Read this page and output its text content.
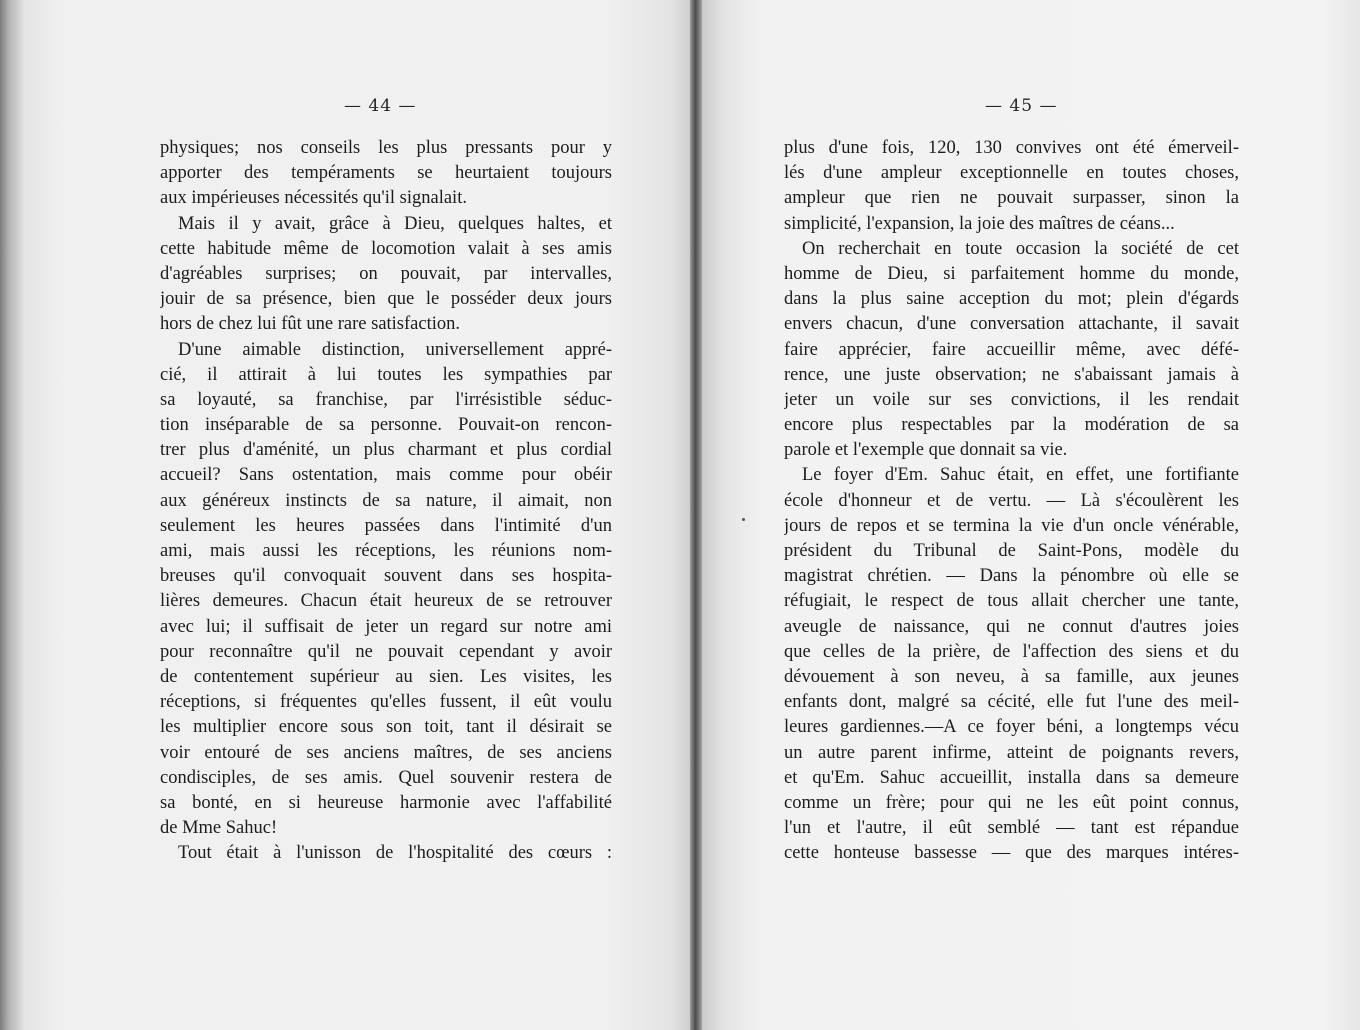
— 44 —
physiques; nos conseils les plus pressants pour y
apporter des tempéraments se heurtaient toujours
aux impérieuses nécessités qu'il signalait.
Mais il y avait, grâce à Dieu, quelques haltes, et
cette habitude même de locomotion valait à ses amis
d'agréables surprises; on pouvait, par intervalles,
jouir de sa présence, bien que le posséder deux jours
hors de chez lui fût une rare satisfaction.
D'une aimable distinction, universellement appré-
cié, il attirait à lui toutes les sympathies par
sa loyauté, sa franchise, par l'irrésistible séduc-
tion inséparable de sa personne. Pouvait-on rencon-
trer plus d'aménité, un plus charmant et plus cordial
accueil? Sans ostentation, mais comme pour obéir
aux généreux instincts de sa nature, il aimait, non
seulement les heures passées dans l'intimité d'un
ami, mais aussi les réceptions, les réunions nom-
breuses qu'il convoquait souvent dans ses hospita-
lières demeures. Chacun était heureux de se retrouver
avec lui; il suffisait de jeter un regard sur notre ami
pour reconnaître qu'il ne pouvait cependant y avoir
de contentement supérieur au sien. Les visites, les
réceptions, si fréquentes qu'elles fussent, il eût voulu
les multiplier encore sous son toit, tant il désirait se
voir entouré de ses anciens maîtres, de ses anciens
condisciples, de ses amis. Quel souvenir restera de
sa bonté, en si heureuse harmonie avec l'affabilité
de Mme Sahuc!
Tout était à l'unisson de l'hospitalité des cœurs :
— 45 —
plus d'une fois, 120, 130 convives ont été émerveil-
lés d'une ampleur exceptionnelle en toutes choses,
ampleur que rien ne pouvait surpasser, sinon la
simplicité, l'expansion, la joie des maîtres de céans...
On recherchait en toute occasion la société de cet
homme de Dieu, si parfaitement homme du monde,
dans la plus saine acception du mot; plein d'égards
envers chacun, d'une conversation attachante, il savait
faire apprécier, faire accueillir même, avec défé-
rence, une juste observation; ne s'abaissant jamais à
jeter un voile sur ses convictions, il les rendait
encore plus respectables par la modération de sa
parole et l'exemple que donnait sa vie.
Le foyer d'Em. Sahuc était, en effet, une fortifiante
école d'honneur et de vertu. — Là s'écoulèrent les
jours de repos et se termina la vie d'un oncle vénérable,
président du Tribunal de Saint-Pons, modèle du
magistrat chrétien. — Dans la pénombre où elle se
réfugiait, le respect de tous allait chercher une tante,
aveugle de naissance, qui ne connut d'autres joies
que celles de la prière, de l'affection des siens et du
dévouement à son neveu, à sa famille, aux jeunes
enfants dont, malgré sa cécité, elle fut l'une des meil-
leures gardiennes.—A ce foyer béni, a longtemps vécu
un autre parent infirme, atteint de poignants revers,
et qu'Em. Sahuc accueillit, installa dans sa demeure
comme un frère; pour qui ne les eût point connus,
l'un et l'autre, il eût semblé — tant est répandue
cette honteuse bassesse — que des marques intéres-
